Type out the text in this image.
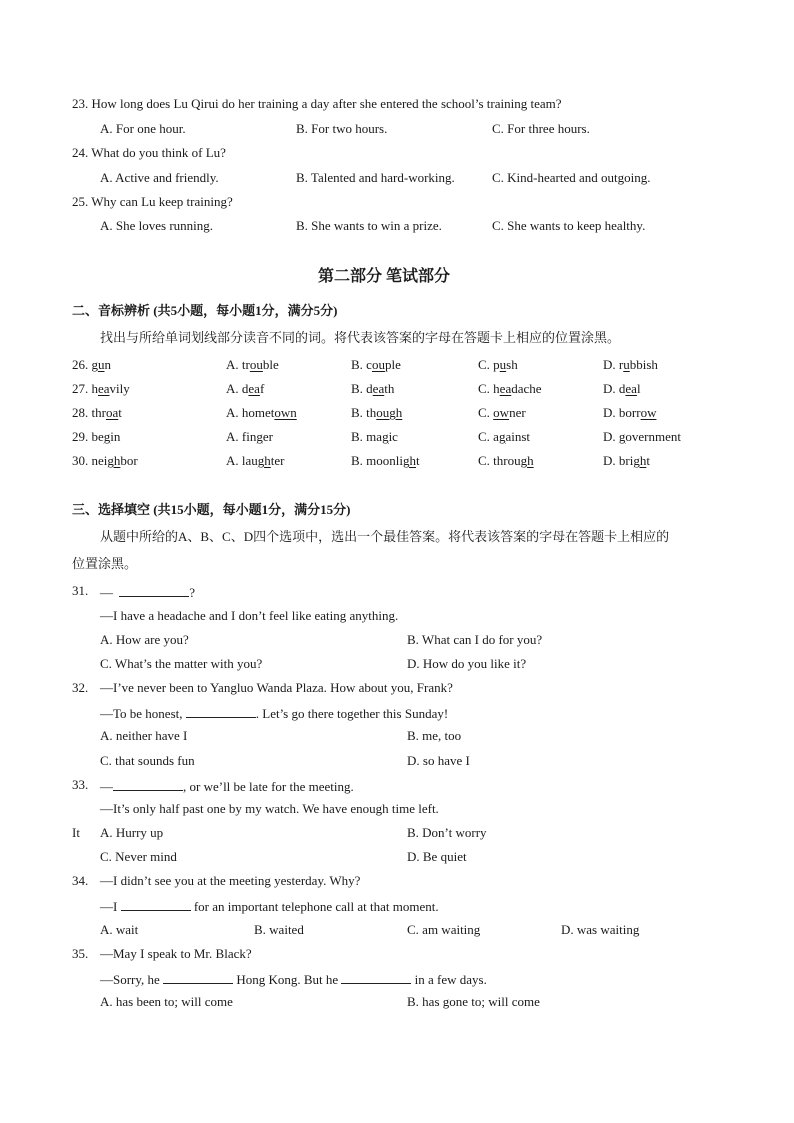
23. How long does Lu Qirui do her training a day after she entered the school’s training team?
A. For one hour.	B. For two hours.	C. For three hours.
24. What do you think of Lu?
A. Active and friendly.	B. Talented and hard-working.	C. Kind-hearted and outgoing.
25. Why can Lu keep training?
A. She loves running.	B. She wants to win a prize.	C. She wants to keep healthy.
第二部分 笔试部分
二、音标辨析 (共5小题，每小题1分，满分5分)
找出与所给单词划线部分读音不同的词。将代表该答案的字母在答题卡上相应的位置涂黑。
26. gun	A. trouble	B. couple	C. push	D. rubbish
27. heavily	A. deaf	B. death	C. headache	D. deal
28. throat	A. hometown	B. though	C. owner	D. borrow
29. begin	A. finger	B. magic	C. against	D. government
30. neighbor	A. laughter	B. moonlight	C. through	D. bright
三、选择填空 (共15小题，每小题1分，满分15分)
从题中所给的A、B、C、D四个选项中，选出一个最佳答案。将代表该答案的字母在答题卡上相应的
位置涂黑。
31. —	?
—I have a headache and I don’t feel like eating anything.
A. How are you?	B. What can I do for you?
C. What’s the matter with you?	D. How do you like it?
32. —I’ve never been to Yangluo Wanda Plaza. How about you, Frank?
—To be honest,	. Let’s go there together this Sunday!
A. neither have I	B. me, too
C. that sounds fun	D. so have I
33. —	, or we’ll be late for the meeting.
—It’s only half past one by my watch. We have enough time left.
It A. Hurry up	B. Don’t worry
C. Never mind	D. Be quiet
34. —I didn’t see you at the meeting yesterday. Why?
—I	for an important telephone call at that moment.
A. wait	B. waited	C. am waiting	D. was waiting
35. —May I speak to Mr. Black?
—Sorry, he	Hong Kong. But he	in a few days.
A. has been to; will come	B. has gone to; will come
